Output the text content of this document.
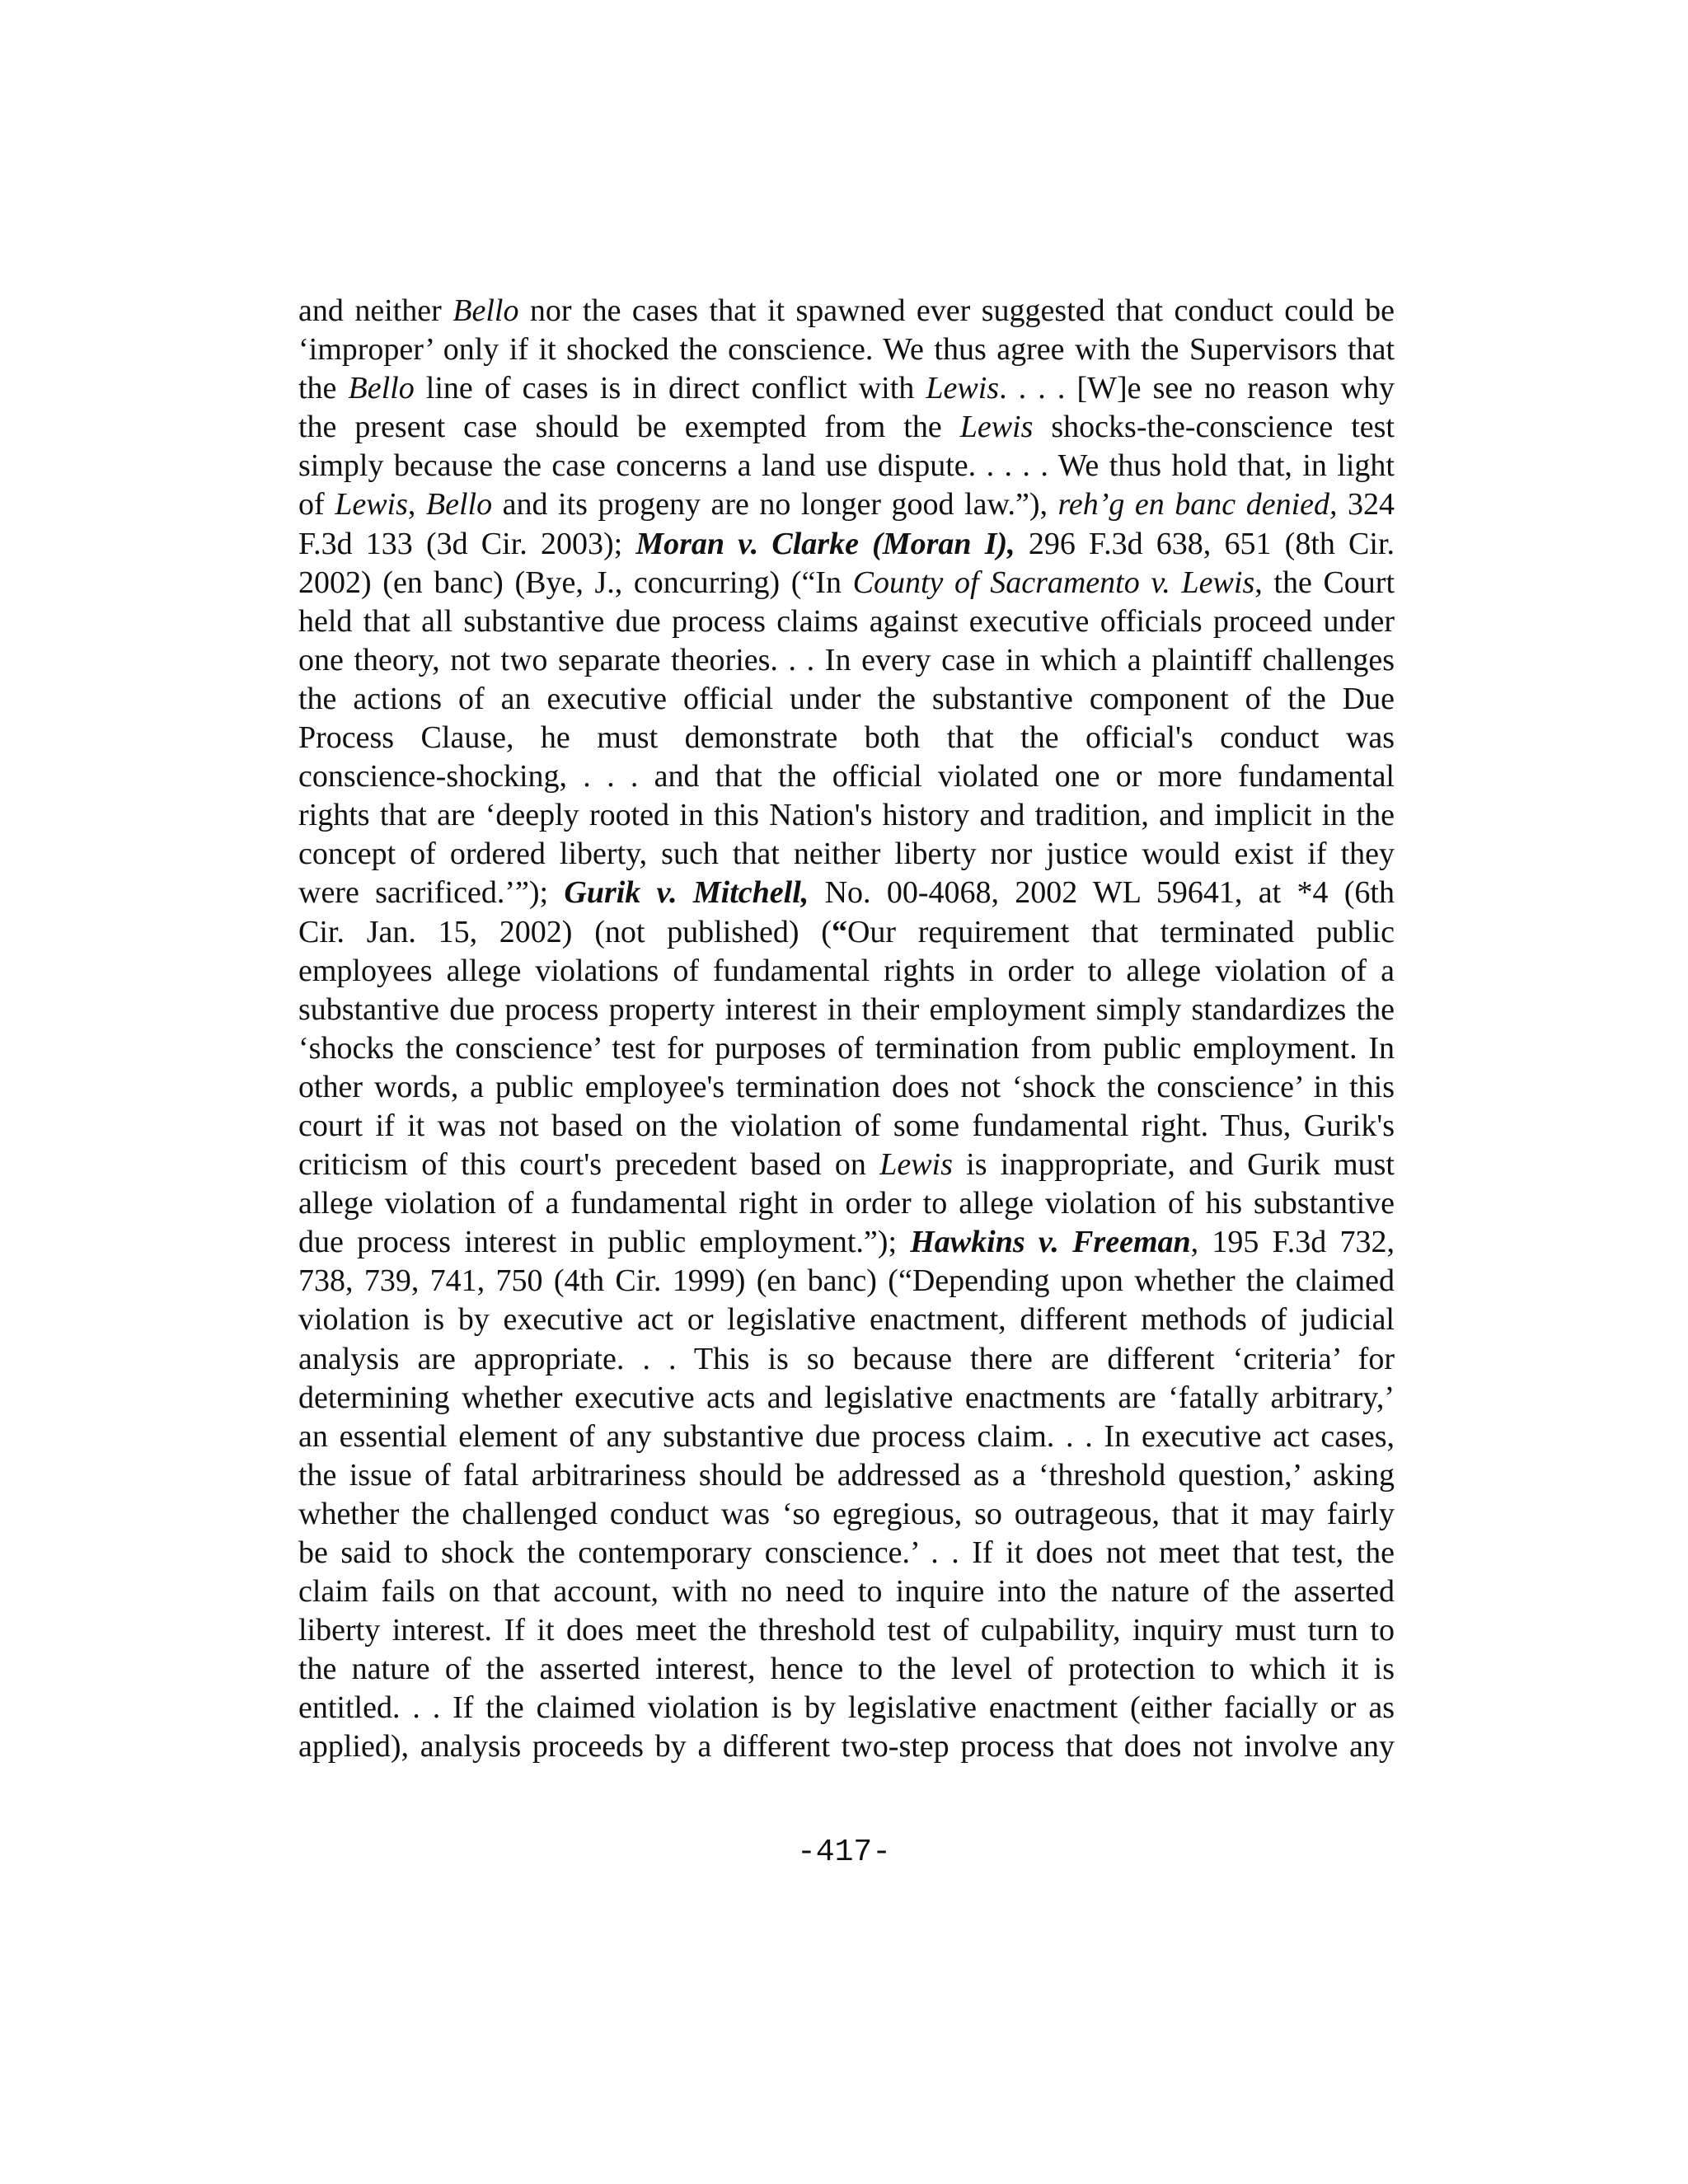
and neither Bello nor the cases that it spawned ever suggested that conduct could be
‘improper’ only if it shocked the conscience. We thus agree with the Supervisors that
the Bello line of cases is in direct conflict with Lewis. . . . [W]e see no reason why
the present case should be exempted from the Lewis shocks-the-conscience test
simply because the case concerns a land use dispute. . . . . We thus hold that, in light
of Lewis, Bello and its progeny are no longer good law.”), reh’g en banc denied, 324
F.3d 133 (3d Cir. 2003); Moran v. Clarke (Moran I), 296 F.3d 638, 651 (8th Cir.
2002) (en banc) (Bye, J., concurring) (“In County of Sacramento v. Lewis, the Court
held that all substantive due process claims against executive officials proceed under
one theory, not two separate theories. . . In every case in which a plaintiff challenges
the actions of an executive official under the substantive component of the Due
Process Clause, he must demonstrate both that the official's conduct was
conscience-shocking, . . . and that the official violated one or more fundamental
rights that are ‘deeply rooted in this Nation's history and tradition, and implicit in the
concept of ordered liberty, such that neither liberty nor justice would exist if they
were sacrificed.’”); Gurik v. Mitchell, No. 00-4068, 2002 WL 59641, at *4 (6th
Cir. Jan. 15, 2002) (not published) (“Our requirement that terminated public
employees allege violations of fundamental rights in order to allege violation of a
substantive due process property interest in their employment simply standardizes the
‘shocks the conscience’ test for purposes of termination from public employment. In
other words, a public employee's termination does not ‘shock the conscience’ in this
court if it was not based on the violation of some fundamental right. Thus, Gurik's
criticism of this court's precedent based on Lewis is inappropriate, and Gurik must
allege violation of a fundamental right in order to allege violation of his substantive
due process interest in public employment.”); Hawkins v. Freeman, 195 F.3d 732,
738, 739, 741, 750 (4th Cir. 1999) (en banc) (“Depending upon whether the claimed
violation is by executive act or legislative enactment, different methods of judicial
analysis are appropriate. . . This is so because there are different ‘criteria’ for
determining whether executive acts and legislative enactments are ‘fatally arbitrary,’
an essential element of any substantive due process claim. . . In executive act cases,
the issue of fatal arbitrariness should be addressed as a ‘threshold question,’ asking
whether the challenged conduct was ‘so egregious, so outrageous, that it may fairly
be said to shock the contemporary conscience.’ . . If it does not meet that test, the
claim fails on that account, with no need to inquire into the nature of the asserted
liberty interest. If it does meet the threshold test of culpability, inquiry must turn to
the nature of the asserted interest, hence to the level of protection to which it is
entitled. . . If the claimed violation is by legislative enactment (either facially or as
applied), analysis proceeds by a different two-step process that does not involve any
-417-
